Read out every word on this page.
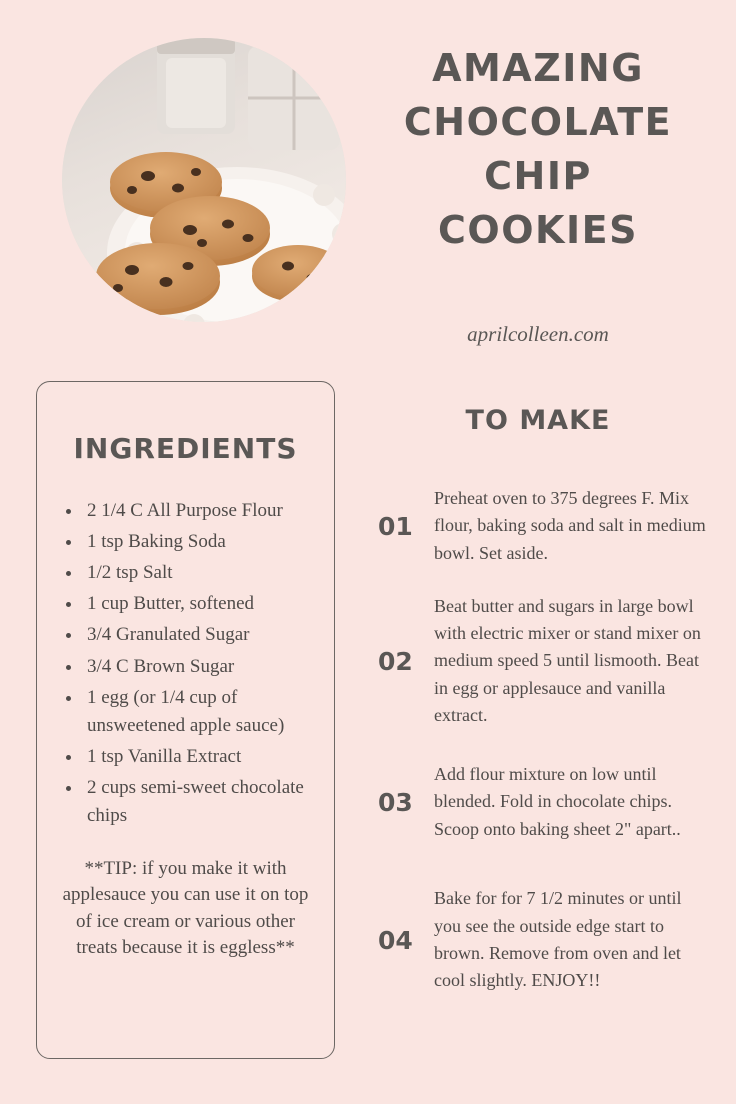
AMAZING
CHOCOLATE
CHIP
COOKIES
aprilcolleen.com
INGREDIENTS
• 2 1/4 C All Purpose Flour
• 1 tsp Baking Soda
• 1/2 tsp Salt
• 1 cup Butter, softened
• 3/4 Granulated Sugar
• 3/4 C Brown Sugar
• 1 egg (or 1/4 cup of unsweetened apple sauce)
• 1 tsp Vanilla Extract
• 2 cups semi-sweet chocolate chips
**TIP: if you make it with applesauce you can use it on top of ice cream or various other treats because it is eggless**
TO MAKE
01
Preheat oven to 375 degrees F. Mix flour, baking soda and salt in medium bowl. Set aside.
02
Beat butter and sugars in large bowl with electric mixer or stand mixer on medium speed 5 until lismooth. Beat in egg or applesauce and vanilla extract.
03
Add flour mixture on low until blended. Fold in chocolate chips. Scoop onto baking sheet 2" apart..
04
Bake for for 7 1/2 minutes or until you see the outside edge start to brown. Remove from oven and let cool slightly. ENJOY!!
